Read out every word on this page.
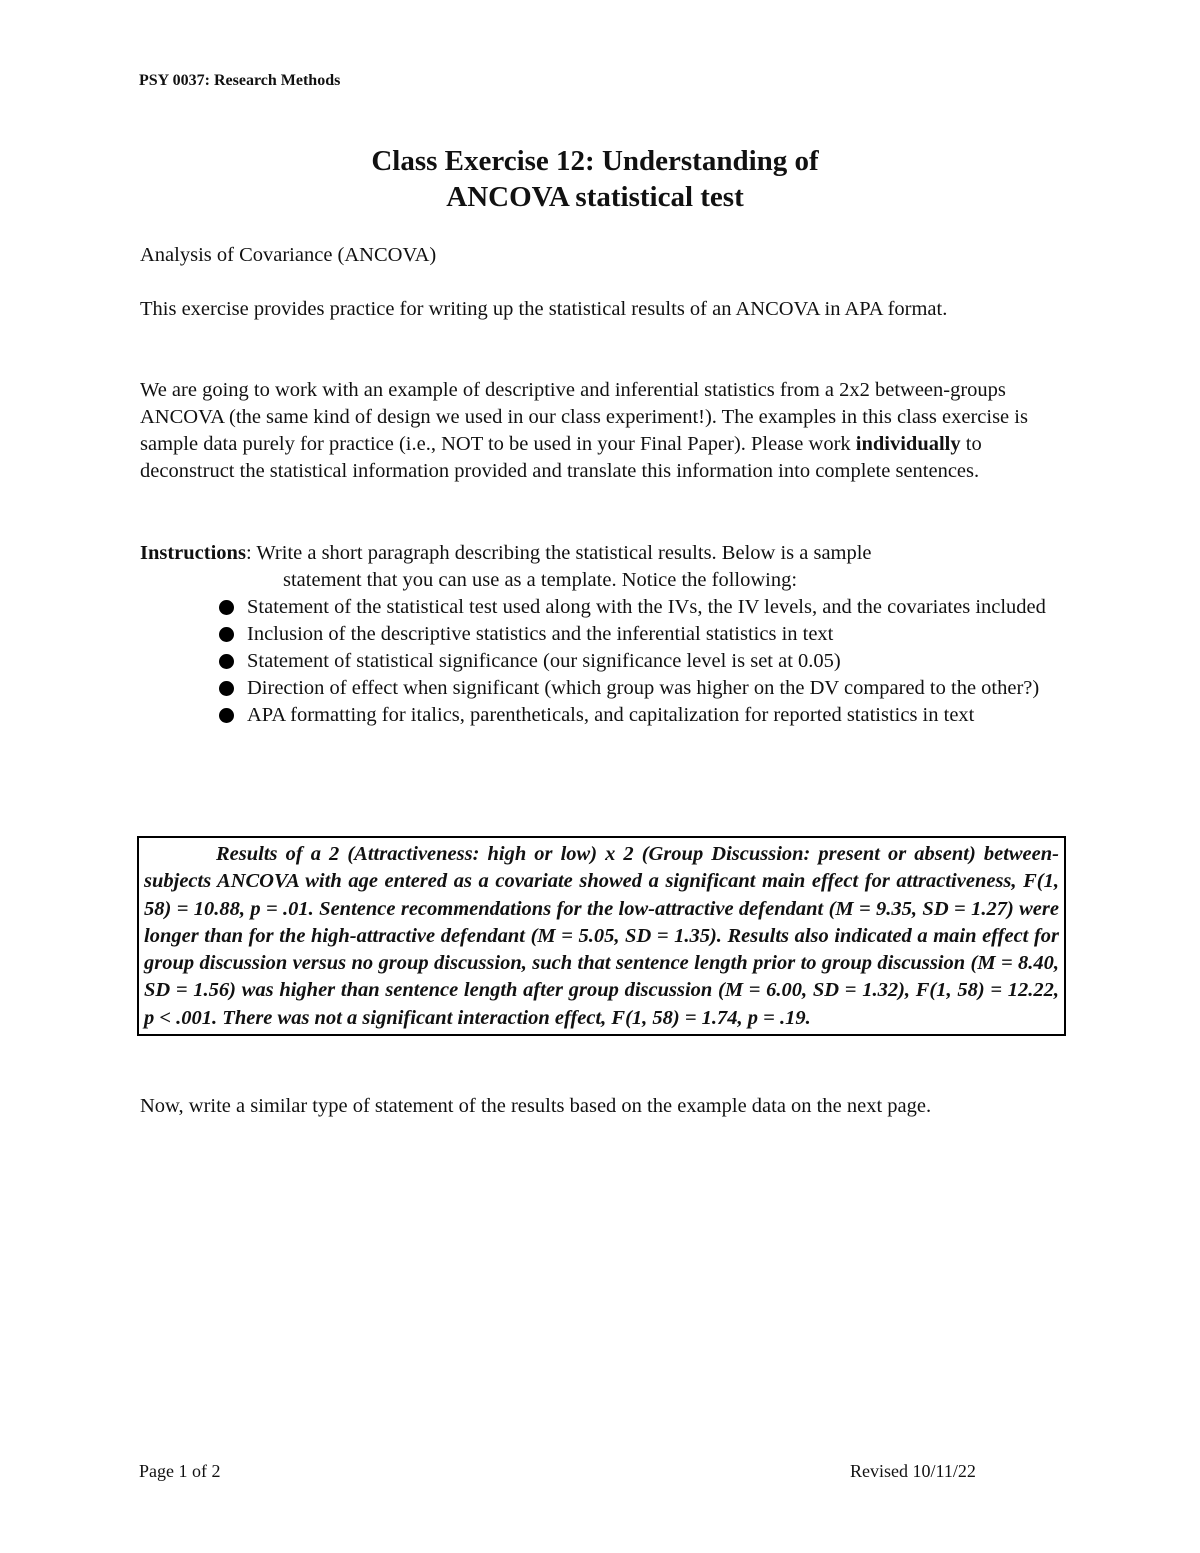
PSY 0037: Research Methods
Class Exercise 12: Understanding of
ANCOVA statistical test
Analysis of Covariance (ANCOVA)
This exercise provides practice for writing up the statistical results of an ANCOVA in APA format.
We are going to work with an example of descriptive and inferential statistics from a 2x2 between-groups ANCOVA (the same kind of design we used in our class experiment!). The examples in this class exercise is sample data purely for practice (i.e., NOT to be used in your Final Paper). Please work individually to deconstruct the statistical information provided and translate this information into complete sentences.
Instructions: Write a short paragraph describing the statistical results. Below is a sample
statement that you can use as a template. Notice the following:
Statement of the statistical test used along with the IVs, the IV levels, and the covariates included
Inclusion of the descriptive statistics and the inferential statistics in text
Statement of statistical significance (our significance level is set at 0.05)
Direction of effect when significant (which group was higher on the DV compared to the other?)
APA formatting for italics, parentheticals, and capitalization for reported statistics in text

Results of a 2 (Attractiveness: high or low) x 2 (Group Discussion: present or absent) between-subjects ANCOVA with age entered as a covariate showed a significant main effect for attractiveness, F(1, 58) = 10.88, p = .01. Sentence recommendations for the low-attractive defendant (M = 9.35, SD = 1.27) were longer than for the high-attractive defendant (M = 5.05, SD = 1.35). Results also indicated a main effect for group discussion versus no group discussion, such that sentence length prior to group discussion (M = 8.40, SD = 1.56) was higher than sentence length after group discussion (M = 6.00, SD = 1.32), F(1, 58) = 12.22, p < .001. There was not a significant interaction effect, F(1, 58) = 1.74, p = .19.

Now, write a similar type of statement of the results based on the example data on the next page.
Page 1 of 2	Revised 10/11/22
